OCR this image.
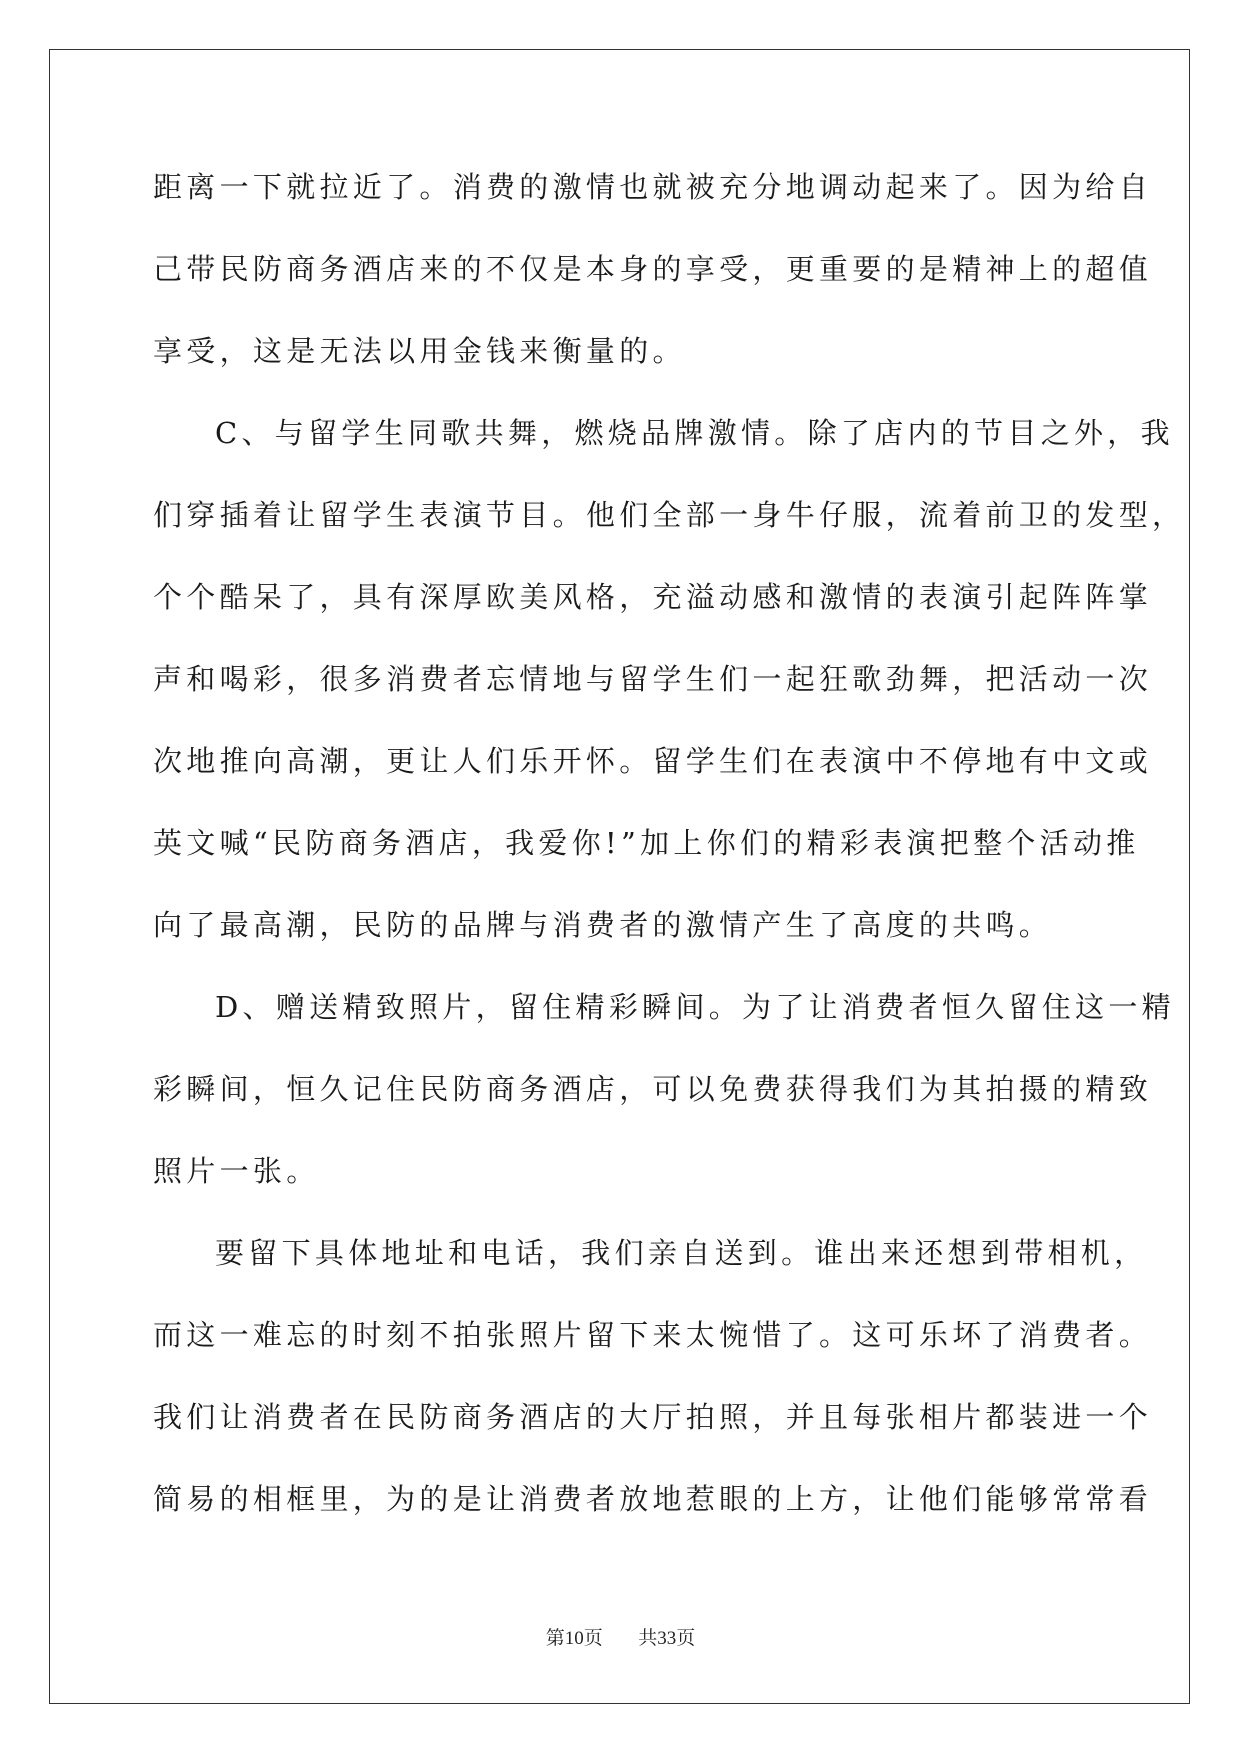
距离一下就拉近了。消费的激情也就被充分地调动起来了。因为给自
己带民防商务酒店来的不仅是本身的享受，更重要的是精神上的超值
享受，这是无法以用金钱来衡量的。
C、与留学生同歌共舞，燃烧品牌激情。除了店内的节目之外，我
们穿插着让留学生表演节目。他们全部一身牛仔服，流着前卫的发型，
个个酷呆了，具有深厚欧美风格，充溢动感和激情的表演引起阵阵掌
声和喝彩，很多消费者忘情地与留学生们一起狂歌劲舞，把活动一次
次地推向高潮，更让人们乐开怀。留学生们在表演中不停地有中文或
英文喊“民防商务酒店，我爱你!”加上你们的精彩表演把整个活动推
向了最高潮，民防的品牌与消费者的激情产生了高度的共鸣。
D、赠送精致照片，留住精彩瞬间。为了让消费者恒久留住这一精
彩瞬间，恒久记住民防商务酒店，可以免费获得我们为其拍摄的精致
照片一张。
要留下具体地址和电话，我们亲自送到。谁出来还想到带相机，
而这一难忘的时刻不拍张照片留下来太惋惜了。这可乐坏了消费者。
我们让消费者在民防商务酒店的大厅拍照，并且每张相片都装进一个
简易的相框里，为的是让消费者放地惹眼的上方，让他们能够常常看
第10页 共33页
